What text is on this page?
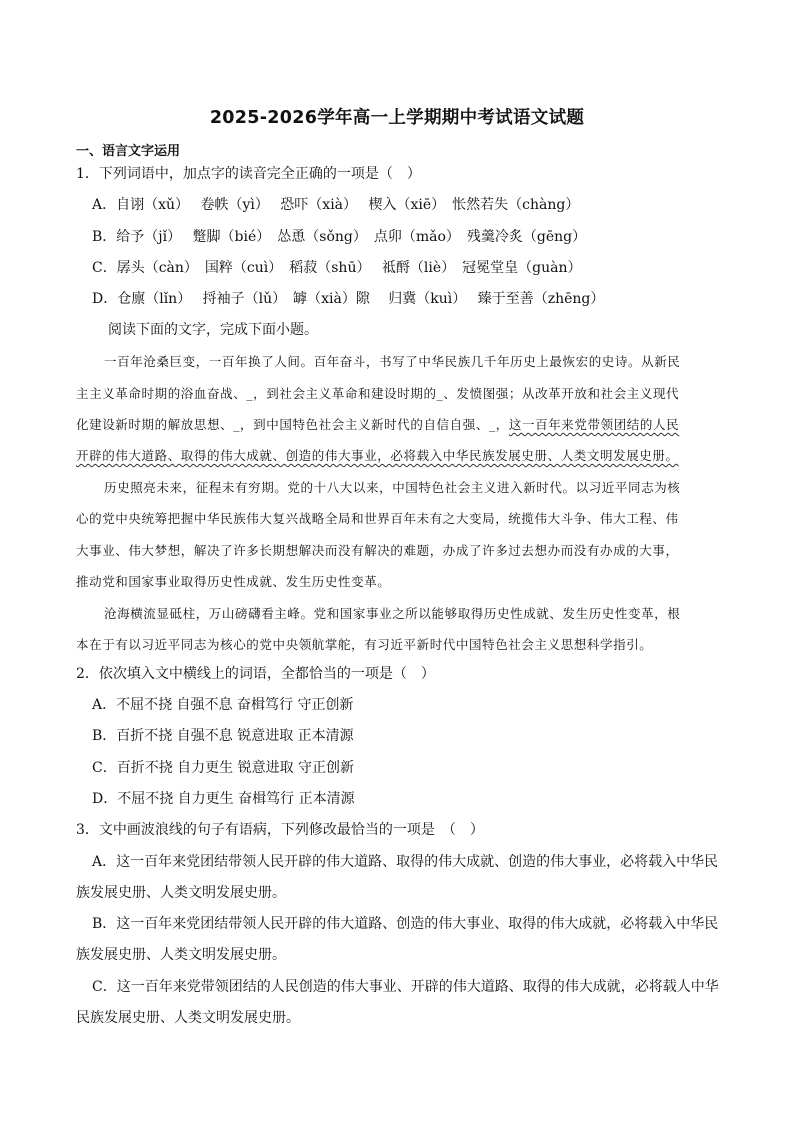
2025-2026学年高一上学期期中考试语文试题
一、语言文字运用
1．下列词语中，加点字的读音完全正确的一项是（　）
A．自诩（xǔ）　 卷帙（yì）　 恐吓（xià）　 楔入（xiē）　怅然若失（chàng）
B．给予（jǐ）　 蹩脚（bié）　怂恿（sǒng）　点卯（mǎo）　残羹冷炙（gēng）
C．孱头（càn）　国粹（cuì）　稻菽（shū）　 祗酹（liè）　冠冕堂皇（guàn）
D．仓廪（lǐn）　 捋袖子（lǔ）　罅（xià）隙　 归冀（kuì）　 臻于至善（zhēng）
阅读下面的文字，完成下面小题。
一百年沧桑巨变，一百年换了人间。百年奋斗，书写了中华民族几千年历史上最恢宏的史诗。从新民
主主义革命时期的浴血奋战、_，到社会主义革命和建设时期的_、发愤图强；从改革开放和社会主义现代
化建设新时期的解放思想、_，到中国特色社会主义新时代的自信自强、_，这一百年来党带领团结的人民
开辟的伟大道路、取得的伟大成就、创造的伟大事业，必将载入中华民族发展史册、人类文明发展史册。
历史照亮未来，征程未有穷期。党的十八大以来，中国特色社会主义进入新时代。以习近平同志为核
心的党中央统筹把握中华民族伟大复兴战略全局和世界百年未有之大变局，统揽伟大斗争、伟大工程、伟
大事业、伟大梦想，解决了许多长期想解决而没有解决的难题，办成了许多过去想办而没有办成的大事，
推动党和国家事业取得历史性成就、发生历史性变革。
沧海横流显砥柱，万山磅礴看主峰。党和国家事业之所以能够取得历史性成就、发生历史性变革，根
本在于有以习近平同志为核心的党中央领航掌舵，有习近平新时代中国特色社会主义思想科学指引。
2．依次填入文中横线上的词语，全都恰当的一项是（　）
A．不屈不挠 自强不息 奋楫笃行 守正创新
B．百折不挠 自强不息 锐意进取 正本清源
C．百折不挠 自力更生 锐意进取 守正创新
D．不屈不挠 自力更生 奋楫笃行 正本清源
3．文中画波浪线的句子有语病，下列修改最恰当的一项是　（　）
A．这一百年来党团结带领人民开辟的伟大道路、取得的伟大成就、创造的伟大事业，必将载入中华民
族发展史册、人类文明发展史册。
B．这一百年来党团结带领人民开辟的伟大道路、创造的伟大事业、取得的伟大成就，必将载入中华民
族发展史册、人类文明发展史册。
C．这一百年来党带领团结的人民创造的伟大事业、开辟的伟大道路、取得的伟大成就，必将载人中华
民族发展史册、人类文明发展史册。
